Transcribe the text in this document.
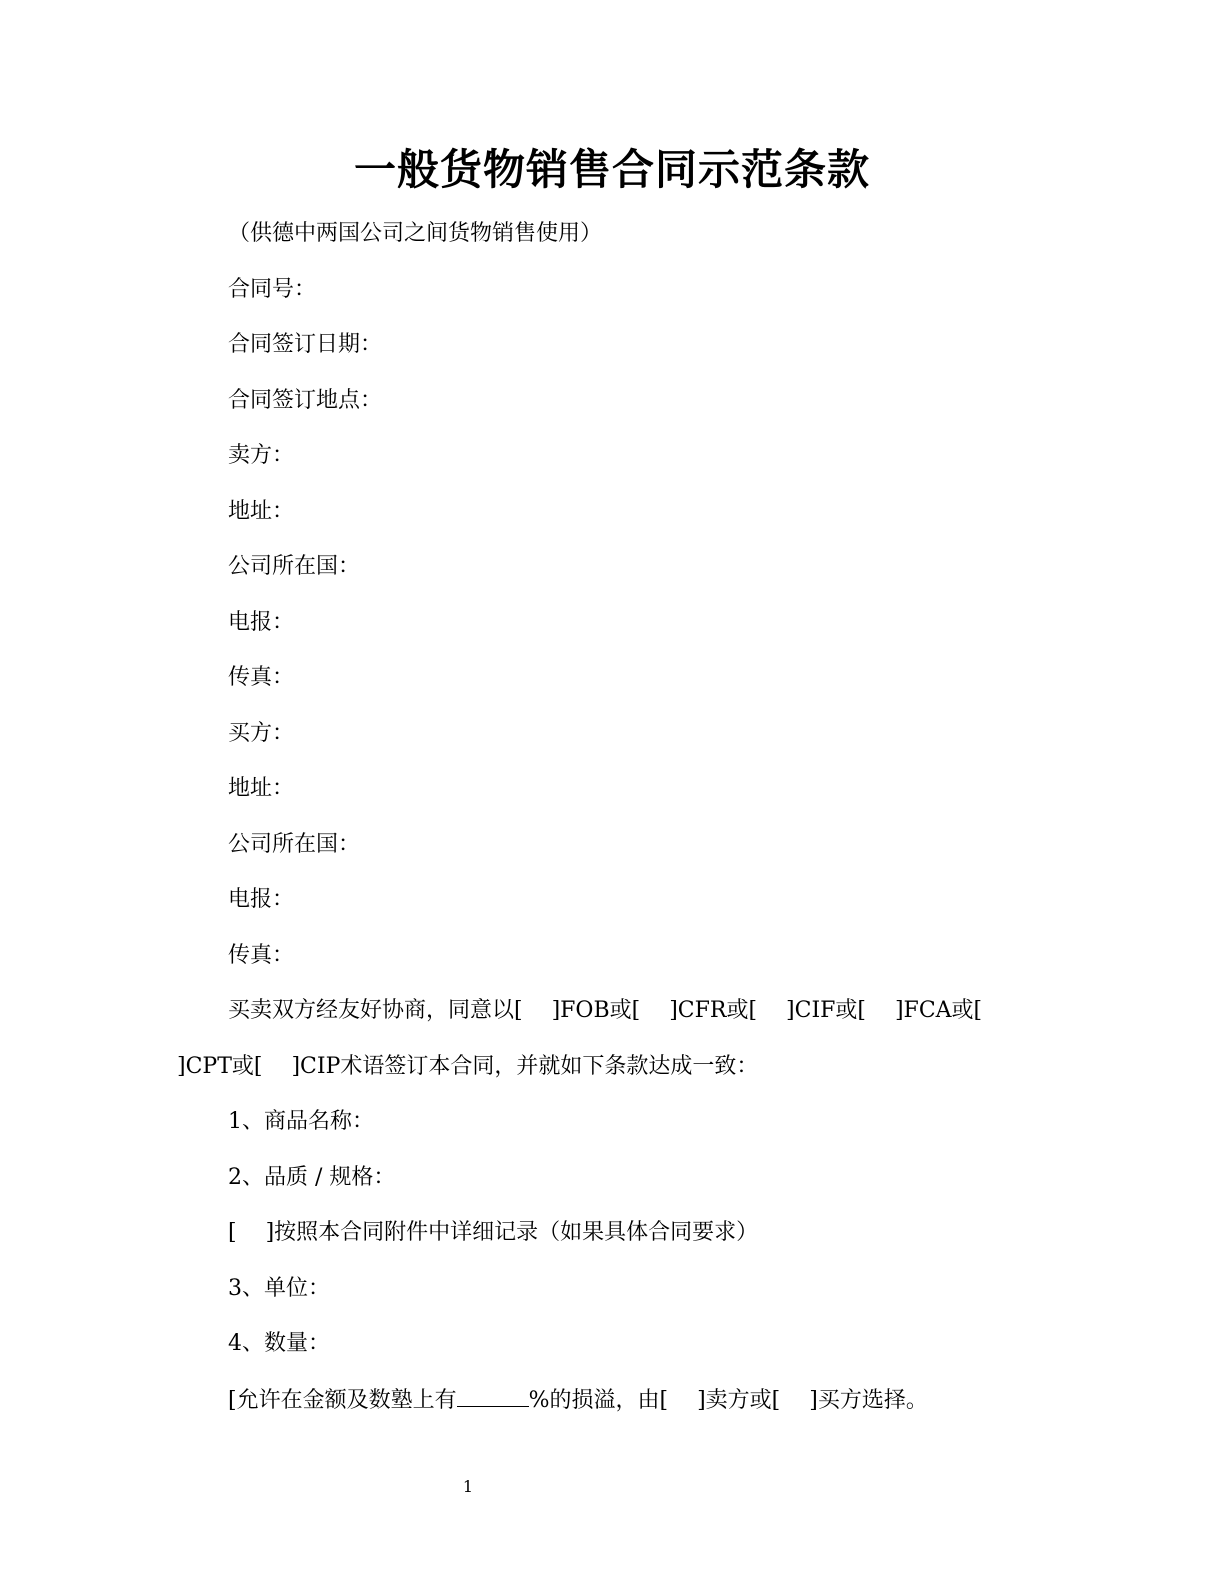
一般货物销售合同示范条款
（供德中两国公司之间货物销售使用）
合同号：
合同签订日期：
合同签订地点：
卖方：
地址：
公司所在国：
电报：
传真：
买方：
地址：
公司所在国：
电报：
传真：
买卖双方经友好协商，同意以[　 ]FOB或[　 ]CFR或[　 ]CIF或[　 ]FCA或[
]CPT或[　 ]CIP术语签订本合同，并就如下条款达成一致：
1、商品名称：
2、品质 / 规格：
[　 ]按照本合同附件中详细记录（如果具体合同要求）
3、单位：
4、数量：
[允许在金额及数塾上有	%的损溢，由[　 ]卖方或[　 ]买方选择。
1
